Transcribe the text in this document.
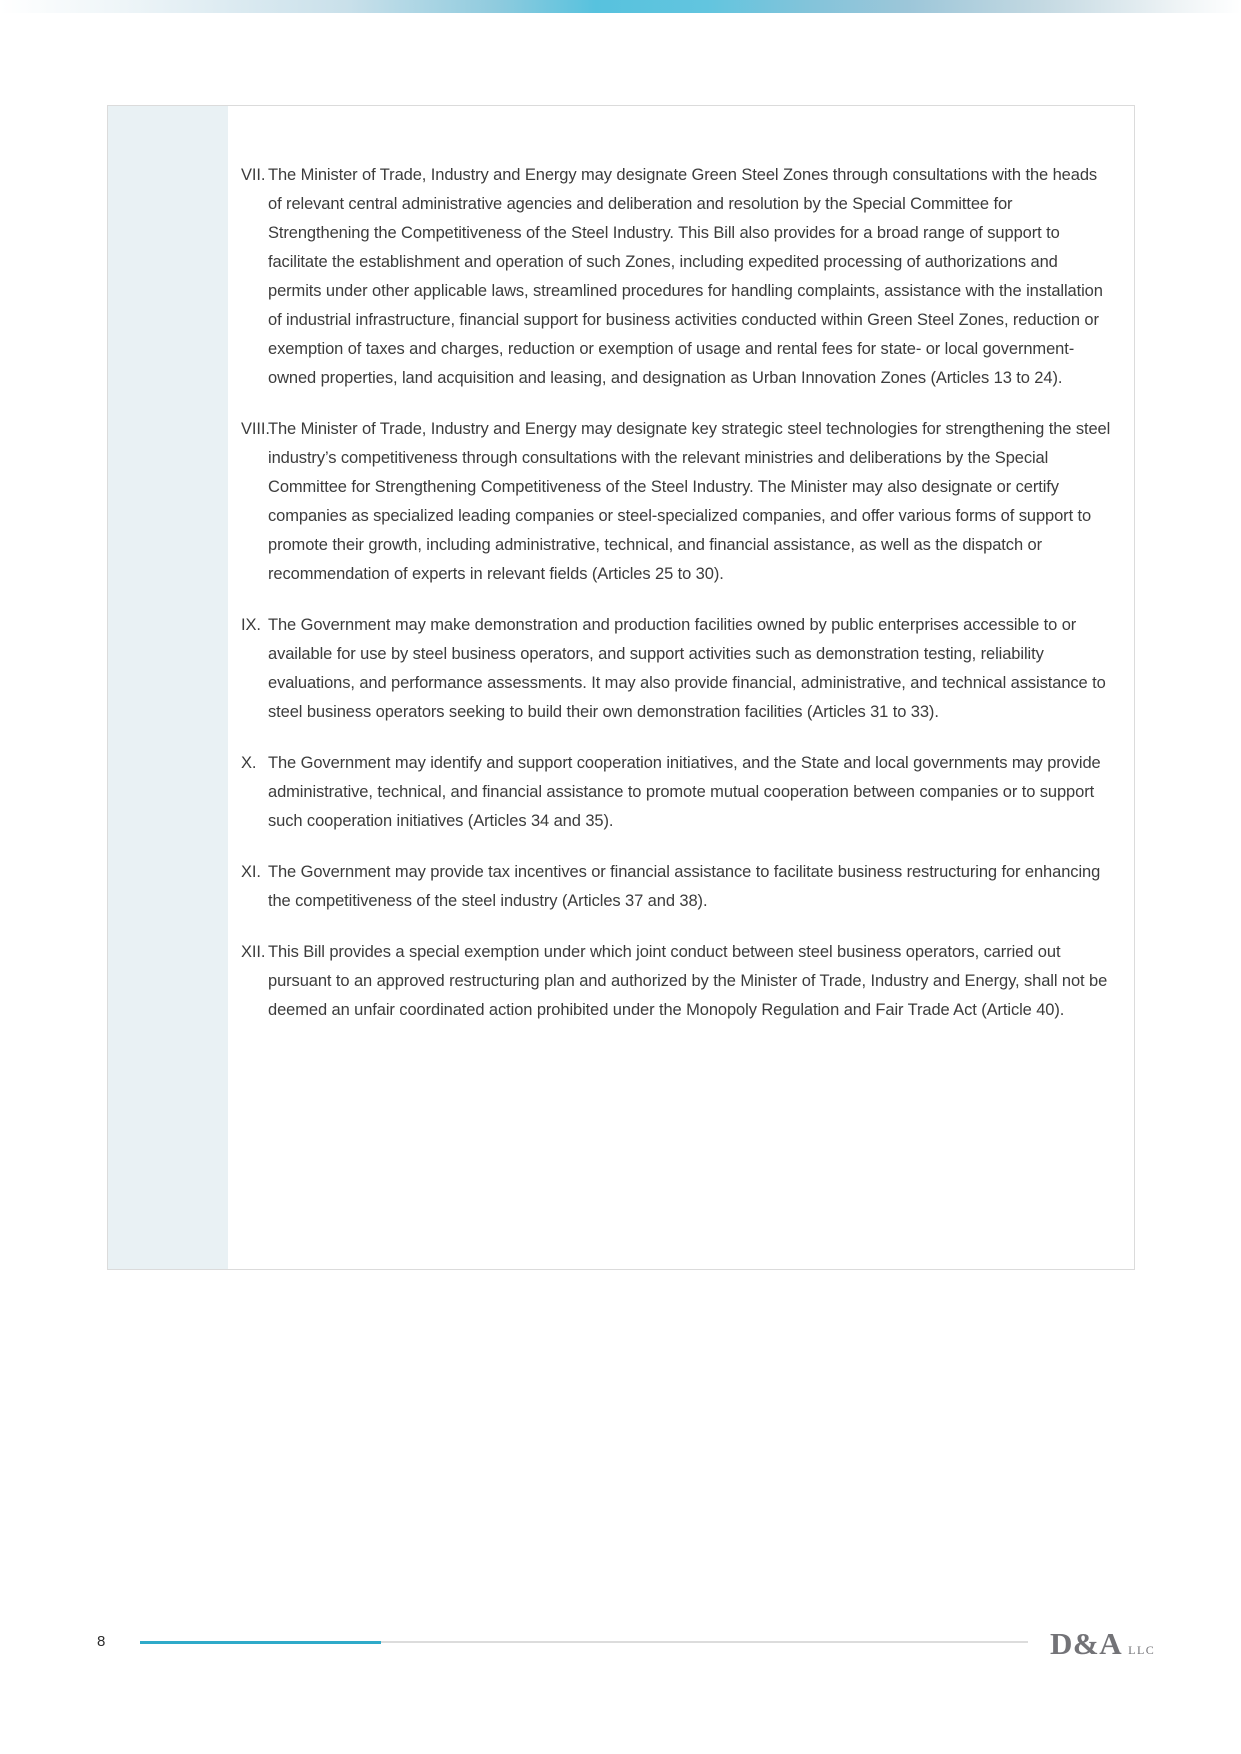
VII. The Minister of Trade, Industry and Energy may designate Green Steel Zones through consultations with the heads of relevant central administrative agencies and deliberation and resolution by the Special Committee for Strengthening the Competitiveness of the Steel Industry. This Bill also provides for a broad range of support to facilitate the establishment and operation of such Zones, including expedited processing of authorizations and permits under other applicable laws, streamlined procedures for handling complaints, assistance with the installation of industrial infrastructure, financial support for business activities conducted within Green Steel Zones, reduction or exemption of taxes and charges, reduction or exemption of usage and rental fees for state- or local government-owned properties, land acquisition and leasing, and designation as Urban Innovation Zones (Articles 13 to 24).
VIII.
The Minister of Trade, Industry and Energy may designate key strategic steel technologies for strengthening the steel industry’s competitiveness through consultations with the relevant ministries and deliberations by the Special Committee for Strengthening Competitiveness of the Steel Industry. The Minister may also designate or certify companies as specialized leading companies or steel-specialized companies, and offer various forms of support to promote their growth, including administrative, technical, and financial assistance, as well as the dispatch or recommendation of experts in relevant fields (Articles 25 to 30).
IX. The Government may make demonstration and production facilities owned by public enterprises accessible to or available for use by steel business operators, and support activities such as demonstration testing, reliability evaluations, and performance assessments. It may also provide financial, administrative, and technical assistance to steel business operators seeking to build their own demonstration facilities (Articles 31 to 33).
X. The Government may identify and support cooperation initiatives, and the State and local governments may provide administrative, technical, and financial assistance to promote mutual cooperation between companies or to support such cooperation initiatives (Articles 34 and 35).
XI. The Government may provide tax incentives or financial assistance to facilitate business restructuring for enhancing the competitiveness of the steel industry (Articles 37 and 38).
XII. This Bill provides a special exemption under which joint conduct between steel business operators, carried out pursuant to an approved restructuring plan and authorized by the Minister of Trade, Industry and Energy, shall not be deemed an unfair coordinated action prohibited under the Monopoly Regulation and Fair Trade Act (Article 40).
8	D&A LLC
